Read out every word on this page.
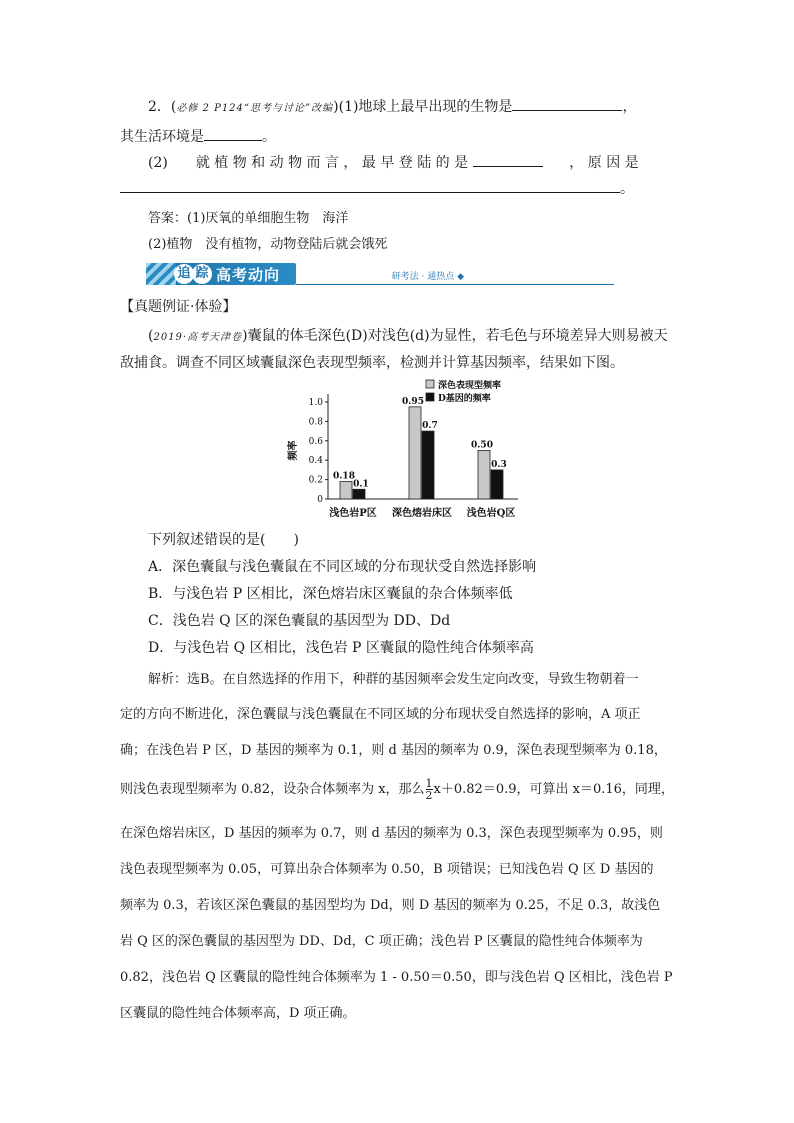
2．(必修 2 P124“思考与讨论”改编)(1)地球上最早出现的生物是	，
其生活环境是	。
(2)　　就 植 物 和 动 物 而 言 ， 最 早 登 陆 的 是	， 原 因 是
。
答案：(1)厌氧的单细胞生物　海洋
(2)植物　没有植物，动物登陆后就会饿死
追 踪 高考动向	研考法 · 通热点 ◆
【真题例证·体验】
(2019·高考天津卷)囊鼠的体毛深色(D)对浅色(d)为显性，若毛色与环境差异大则易被天
敌捕食。调查不同区域囊鼠深色表现型频率，检测并计算基因频率，结果如下图。
0
0.2
0.4
0.6
0.8
1.0
频率
0.18
0.1
浅色岩P区
0.95
0.7
深色熔岩床区
0.50
0.3
浅色岩Q区
深色表现型频率
D基因的频率
下列叙述错误的是(　　)
A．深色囊鼠与浅色囊鼠在不同区域的分布现状受自然选择影响
B．与浅色岩 P 区相比，深色熔岩床区囊鼠的杂合体频率低
C．浅色岩 Q 区的深色囊鼠的基因型为 DD、Dd
D．与浅色岩 Q 区相比，浅色岩 P 区囊鼠的隐性纯合体频率高
解析：选B。在自然选择的作用下，种群的基因频率会发生定向改变，导致生物朝着一
定的方向不断进化，深色囊鼠与浅色囊鼠在不同区域的分布现状受自然选择的影响，A 项正
确；在浅色岩 P 区，D 基因的频率为 0.1，则 d 基因的频率为 0.9，深色表现型频率为 0.18，
则浅色表现型频率为 0.82，设杂合体频率为 x，那么 $\frac{1}{2} x+0.82=0.9$，可算出 x＝0.16，同理，
在深色熔岩床区，D 基因的频率为 0.7，则 d 基因的频率为 0.3，深色表现型频率为 0.95，则
浅色表现型频率为 0.05，可算出杂合体频率为 0.50，B 项错误；已知浅色岩 Q 区 D 基因的
频率为 0.3，若该区深色囊鼠的基因型均为 Dd，则 D 基因的频率为 0.25，不足 0.3，故浅色
岩 Q 区的深色囊鼠的基因型为 DD、Dd，C 项正确；浅色岩 P 区囊鼠的隐性纯合体频率为
0.82，浅色岩 Q 区囊鼠的隐性纯合体频率为 1 - 0.50＝0.50，即与浅色岩 Q 区相比，浅色岩 P
区囊鼠的隐性纯合体频率高，D 项正确。
